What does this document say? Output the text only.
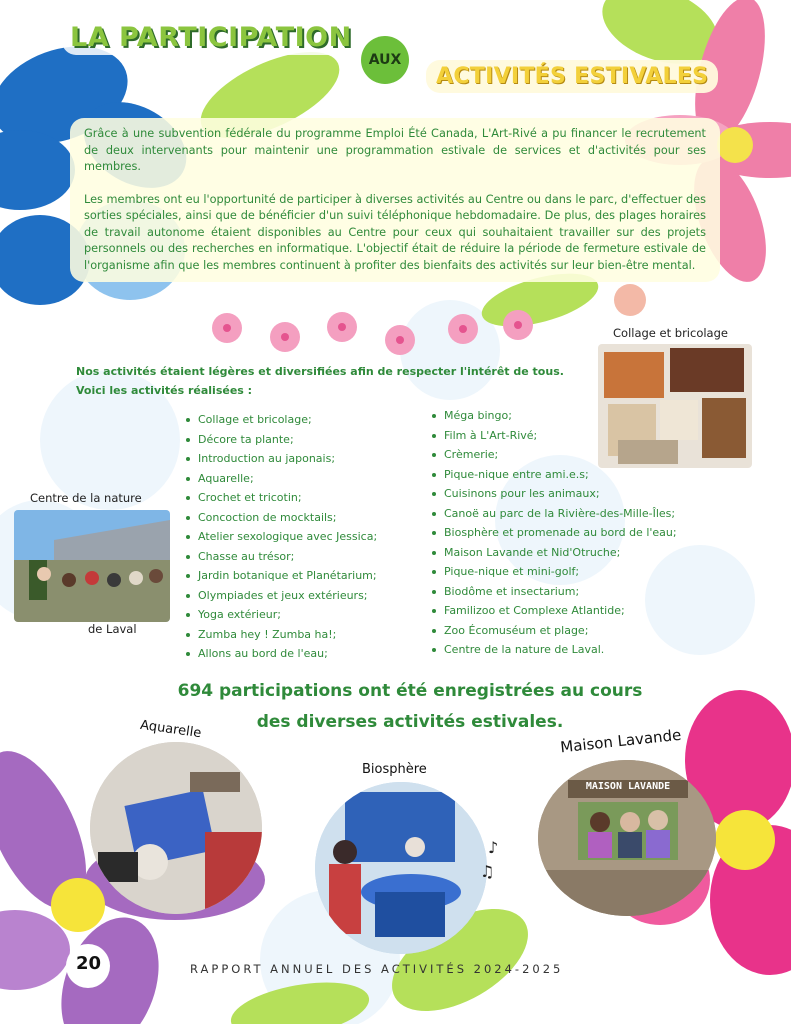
LA PARTICIPATION
AUX
ACTIVITÉS ESTIVALES

Grâce à une subvention fédérale du programme Emploi Été Canada, L'Art-Rivé a pu financer le recrutement de deux intervenants pour maintenir une programmation estivale de services et d'activités pour ses membres.

Les membres ont eu l'opportunité de participer à diverses activités au Centre ou dans le parc, d'effectuer des sorties spéciales, ainsi que de bénéficier d'un suivi téléphonique hebdomadaire. De plus, des plages horaires de travail autonome étaient disponibles au Centre pour ceux qui souhaitaient travailler sur des projets personnels ou des recherches en informatique. L'objectif était de réduire la période de fermeture estivale de l'organisme afin que les membres continuent à profiter des bienfaits des activités sur leur bien-être mental.

Collage et bricolage
Nos activités étaient légères et diversifiées afin de respecter l'intérêt de tous.
Voici les activités réalisées :
Collage et bricolage;
Décore ta plante;
Introduction au japonais;
Aquarelle;
Crochet et tricotin;
Concoction de mocktails;
Atelier sexologique avec Jessica;
Chasse au trésor;
Jardin botanique et Planétarium;
Olympiades et jeux extérieurs;
Yoga extérieur;
Zumba hey ! Zumba ha!;
Allons au bord de l'eau;
Méga bingo;
Film à L'Art-Rivé;
Crèmerie;
Pique-nique entre ami.e.s;
Cuisinons pour les animaux;
Canoë au parc de la Rivière-des-Mille-Îles;
Biosphère et promenade au bord de l'eau;
Maison Lavande et Nid'Otruche;
Pique-nique et mini-golf;
Biodôme et insectarium;
Familizoo et Complexe Atlantide;
Zoo Écomuséum et plage;
Centre de la nature de Laval.
Centre de la nature
de Laval
694 participations ont été enregistrées au cours
des diverses activités estivales.
Aquarelle
Biosphère
♪
♫
Maison Lavande
MAISON LAVANDE
20	RAPPORT ANNUEL DES ACTIVITÉS 2024-2025
